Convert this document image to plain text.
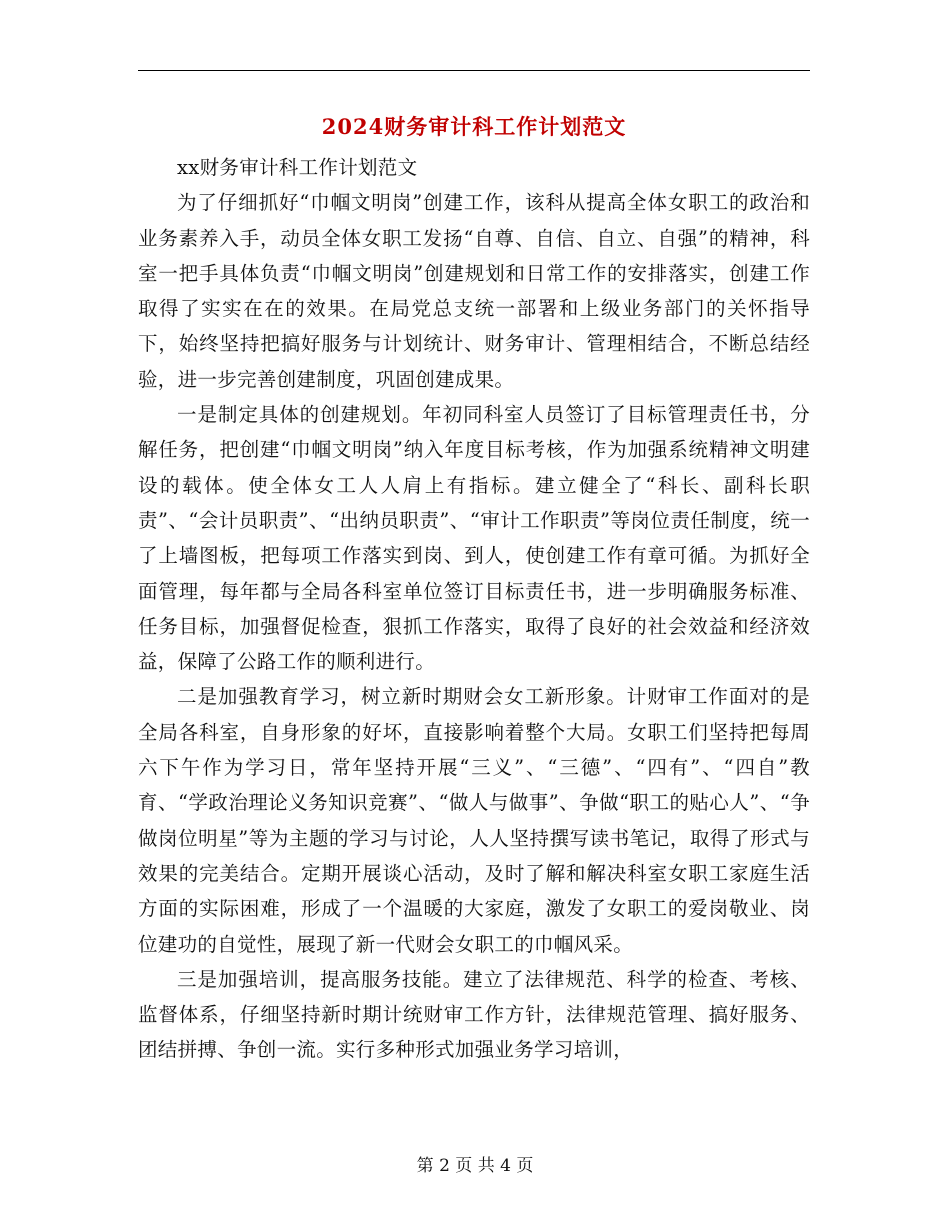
2024财务审计科工作计划范文

xx财务审计科工作计划范文

为了仔细抓好“巾帼文明岗”创建工作，该科从提高全体女职工的政治和业务素养入手，动员全体女职工发扬“自尊、自信、自立、自强”的精神，科室一把手具体负责“巾帼文明岗”创建规划和日常工作的安排落实，创建工作取得了实实在在的效果。在局党总支统一部署和上级业务部门的关怀指导下，始终坚持把搞好服务与计划统计、财务审计、管理相结合，不断总结经验，进一步完善创建制度，巩固创建成果。

一是制定具体的创建规划。年初同科室人员签订了目标管理责任书，分解任务，把创建“巾帼文明岗”纳入年度目标考核，作为加强系统精神文明建设的载体。使全体女工人人肩上有指标。建立健全了“科长、副科长职责”、“会计员职责”、“出纳员职责”、“审计工作职责”等岗位责任制度，统一了上墙图板，把每项工作落实到岗、到人，使创建工作有章可循。为抓好全面管理，每年都与全局各科室单位签订目标责任书，进一步明确服务标准、任务目标，加强督促检查，狠抓工作落实，取得了良好的社会效益和经济效益，保障了公路工作的顺利进行。

二是加强教育学习，树立新时期财会女工新形象。计财审工作面对的是全局各科室，自身形象的好坏，直接影响着整个大局。女职工们坚持把每周六下午作为学习日，常年坚持开展“三义”、“三德”、“四有”、“四自”教育、“学政治理论义务知识竞赛”、“做人与做事”、争做“职工的贴心人”、“争做岗位明星”等为主题的学习与讨论，人人坚持撰写读书笔记，取得了形式与效果的完美结合。定期开展谈心活动，及时了解和解决科室女职工家庭生活方面的实际困难，形成了一个温暖的大家庭，激发了女职工的爱岗敬业、岗位建功的自觉性，展现了新一代财会女职工的巾帼风采。

三是加强培训，提高服务技能。建立了法律规范、科学的检查、考核、监督体系，仔细坚持新时期计统财审工作方针，法律规范管理、搞好服务、团结拼搏、争创一流。实行多种形式加强业务学习培训，

第 2 页 共 4 页
